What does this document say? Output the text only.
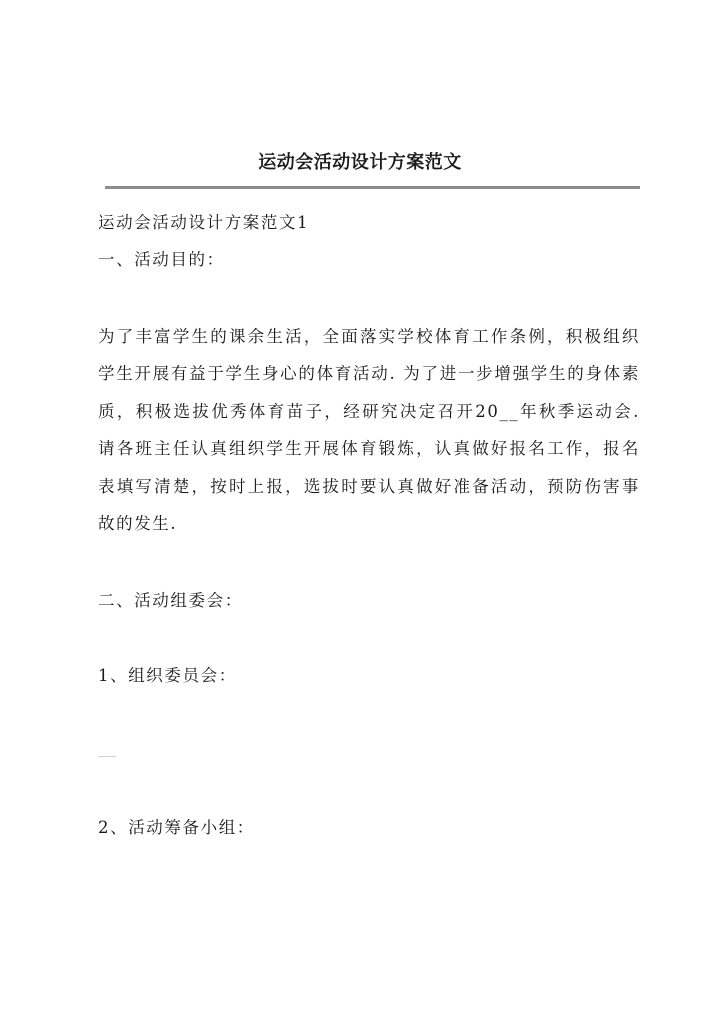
运动会活动设计方案范文
运动会活动设计方案范文1
一、活动目的：
为了丰富学生的课余生活，全面落实学校体育工作条例，积极组织学生开展有益于学生身心的体育活动. 为了进一步增强学生的身体素质，积极选拔优秀体育苗子，经研究决定召开20__年秋季运动会. 请各班主任认真组织学生开展体育锻炼，认真做好报名工作，报名表填写清楚，按时上报，选拔时要认真做好准备活动，预防伤害事故的发生.
二、活动组委会：
1、组织委员会：
2、活动筹备小组：
